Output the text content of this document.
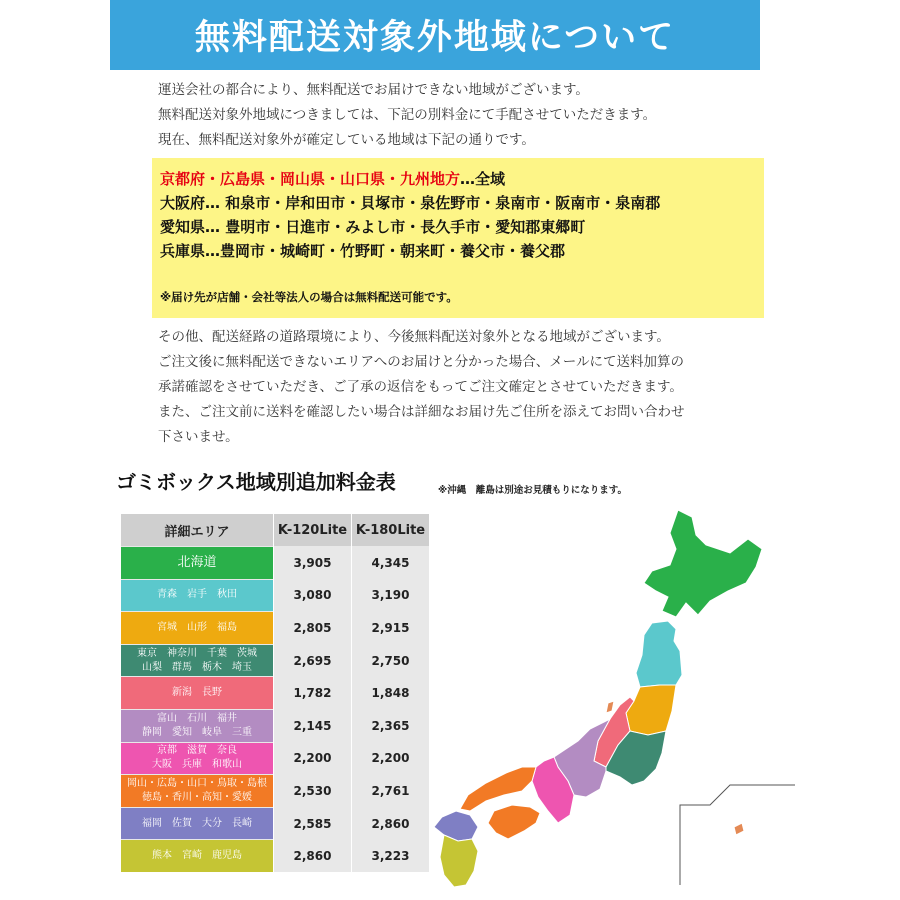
無料配送対象外地域について
運送会社の都合により、無料配送でお届けできない地域がございます。
無料配送対象外地域につきましては、下記の別料金にて手配させていただきます。
現在、無料配送対象外が確定している地域は下記の通りです。
京都府・広島県・岡山県・山口県・九州地方…全域
大阪府… 和泉市・岸和田市・貝塚市・泉佐野市・泉南市・阪南市・泉南郡
愛知県… 豊明市・日進市・みよし市・長久手市・愛知郡東郷町
兵庫県…豊岡市・城崎町・竹野町・朝来町・養父市・養父郡
※届け先が店舗・会社等法人の場合は無料配送可能です。
その他、配送経路の道路環境により、今後無料配送対象外となる地域がございます。
ご注文後に無料配送できないエリアへのお届けと分かった場合、メールにて送料加算の
承諾確認をさせていただき、ご了承の返信をもってご注文確定とさせていただきます。
また、ご注文前に送料を確認したい場合は詳細なお届け先ご住所を添えてお問い合わせ
下さいませ。
ゴミボックス地域別追加料金表	※沖縄　離島は別途お見積もりになります。
詳細エリア	K-120Lite K-180Lite
北海道	3,905	4,345
青森　岩手　秋田	3,080	3,190
宮城　山形　福島	2,805	2,915
東京　神奈川　千葉　茨城
山梨　群馬　栃木　埼玉	2,695	2,750
新潟　長野	1,782	1,848
富山　石川　福井
静岡　愛知　岐阜　三重	2,145	2,365
京都　滋賀　奈良
大阪　兵庫　和歌山	2,200	2,200
岡山・広島・山口・鳥取・島根
徳島・香川・高知・愛媛	2,530	2,761
福岡　佐賀　大分　長崎	2,585	2,860
熊本　宮崎　鹿児島	2,860	3,223
